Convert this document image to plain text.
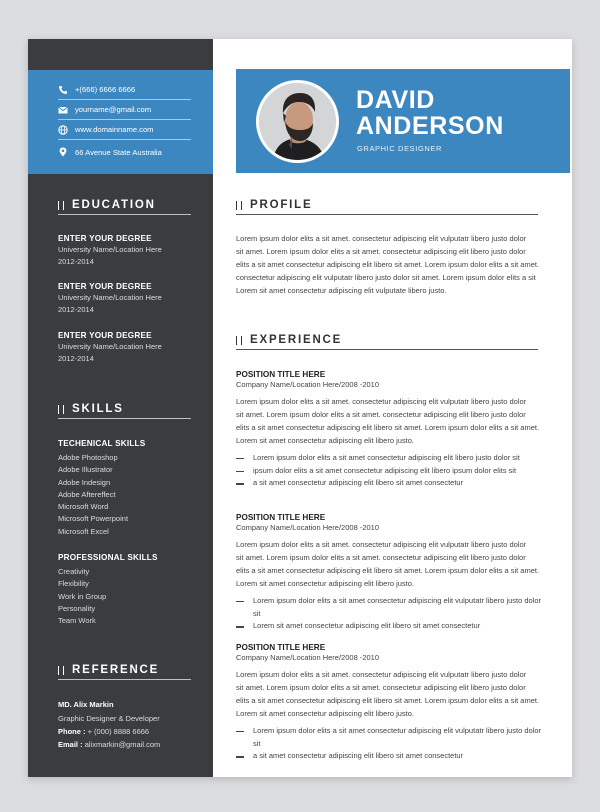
+(666) 6666 6666
yourname@gmail.com
www.domainname.com
66 Avenue State Australia
EDUCATION
ENTER YOUR DEGREE
University Name/Location Here
2012-2014
ENTER YOUR DEGREE
University Name/Location Here
2012-2014
ENTER YOUR DEGREE
University Name/Location Here
2012-2014
SKILLS
TECHENICAL SKILLS
Adobe Photoshop
Adobe Illustrator
Adobe Indesign
Adobe Aftereffect
Microsoft Word
Microsoft Powerpoint
Microsoft Excel
PROFESSIONAL SKILLS
Creativity
Flexibility
Work in Group
Personality
Team Work
REFERENCE
MD. Alix Markin
Graphic Designer & Developer
Phone : + (000) 8888 6666
Email : alixmarkin@gmail.com
DAVID
ANDERSON
GRAPHIC DESIGNER
PROFILE
Lorem ipsum dolor elits a sit amet. consectetur adipiscing elit vulputatr libero justo dolor
sit amet. Lorem ipsum dolor elits a sit amet. consectetur adipiscing elit libero justo dolor
elits a sit amet consectetur adipiscing elit libero sit amet. Lorem ipsum dolor elits a sit amet.
consectetur adipiscing elit vulputatr libero justo dolor sit amet. Lorem ipsum dolor elits a sit
Lorem sit amet consectetur adipiscing elit vulputate libero justo.
EXPERIENCE
POSITION TITLE HERE
Company Name/Location Here/2008 -2010
Lorem ipsum dolor elits a sit amet. consectetur adipiscing elit vulputatr libero justo dolor
sit amet. Lorem ipsum dolor elits a sit amet. consectetur adipiscing elit libero justo dolor
elits a sit amet consectetur adipiscing elit libero sit amet. Lorem ipsum dolor elits a sit amet.
Lorem sit amet consectetur adipiscing elit libero justo.
Lorem ipsum dolor elits a sit amet consectetur adipiscing elit libero justo dolor sit
ipsum dolor elits a sit amet consectetur adipiscing elit libero ipsum dolor elits sit
a sit amet consectetur adipiscing elit libero sit amet consectetur
POSITION TITLE HERE
Company Name/Location Here/2008 -2010
Lorem ipsum dolor elits a sit amet. consectetur adipiscing elit vulputatr libero justo dolor
sit amet. Lorem ipsum dolor elits a sit amet. consectetur adipiscing elit libero justo dolor
elits a sit amet consectetur adipiscing elit libero sit amet. Lorem ipsum dolor elits a sit amet.
Lorem sit amet consectetur adipiscing elit libero justo.
Lorem ipsum dolor elits a sit amet consectetur adipiscing elit vulputatr libero justo dolor sit
Lorem sit amet consectetur adipiscing elit libero sit amet consectetur
POSITION TITLE HERE
Company Name/Location Here/2008 -2010
Lorem ipsum dolor elits a sit amet. consectetur adipiscing elit vulputatr libero justo dolor
sit amet. Lorem ipsum dolor elits a sit amet. consectetur adipiscing elit libero justo dolor
elits a sit amet consectetur adipiscing elit libero sit amet. Lorem ipsum dolor elits a sit amet.
Lorem sit amet consectetur adipiscing elit libero justo.
Lorem ipsum dolor elits a sit amet consectetur adipiscing elit vulputatr libero justo dolor sit
a sit amet consectetur adipiscing elit libero sit amet consectetur
